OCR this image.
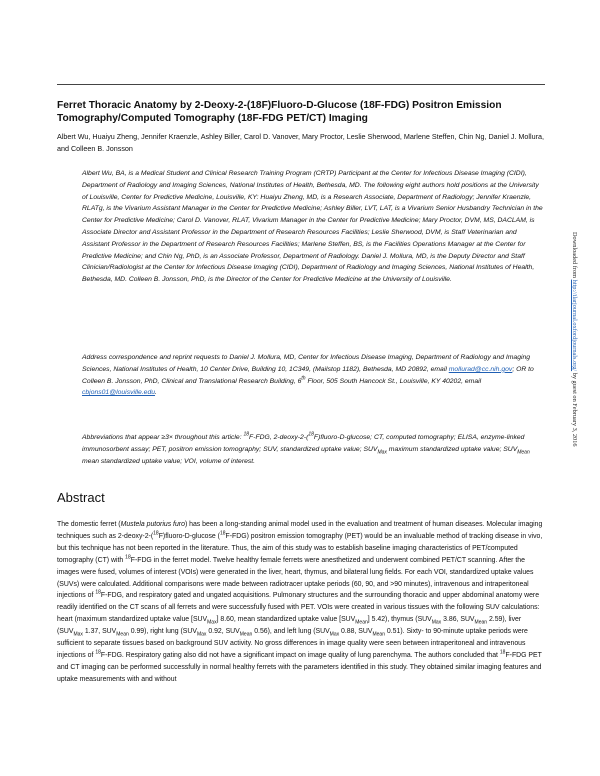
Ferret Thoracic Anatomy by 2-Deoxy-2-(18F)Fluoro-D-Glucose (18F-FDG) Positron Emission Tomography/Computed Tomography (18F-FDG PET/CT) Imaging
Albert Wu, Huaiyu Zheng, Jennifer Kraenzle, Ashley Biller, Carol D. Vanover, Mary Proctor, Leslie Sherwood, Marlene Steffen, Chin Ng, Daniel J. Mollura, and Colleen B. Jonsson
Albert Wu, BA, is a Medical Student and Clinical Research Training Program (CRTP) Participant at the Center for Infectious Disease Imaging (CIDI), Department of Radiology and Imaging Sciences, National Institutes of Health, Bethesda, MD. The following eight authors hold positions at the University of Louisville, Center for Predictive Medicine, Louisville, KY: Huaiyu Zheng, MD, is a Research Associate, Department of Radiology; Jennifer Kraenzle, RLATg, is the Vivarium Assistant Manager in the Center for Predictive Medicine; Ashley Biller, LVT, LAT, is a Vivarium Senior Husbandry Technician in the Center for Predictive Medicine; Carol D. Vanover, RLAT, Vivarium Manager in the Center for Predictive Medicine; Mary Proctor, DVM, MS, DACLAM, is Associate Director and Assistant Professor in the Department of Research Resources Facilities; Leslie Sherwood, DVM, is Staff Veterinarian and Assistant Professor in the Department of Research Resources Facilities; Marlene Steffen, BS, is the Facilities Operations Manager at the Center for Predictive Medicine; and Chin Ng, PhD, is an Associate Professor, Department of Radiology. Daniel J. Mollura, MD, is the Deputy Director and Staff Clinician/Radiologist at the Center for Infectious Disease Imaging (CIDI), Department of Radiology and Imaging Sciences, National Institutes of Health, Bethesda, MD. Colleen B. Jonsson, PhD, is the Director of the Center for Predictive Medicine at the University of Louisville.
Address correspondence and reprint requests to Daniel J. Mollura, MD, Center for Infectious Disease Imaging, Department of Radiology and Imaging Sciences, National Institutes of Health, 10 Center Drive, Building 10, 1C349, (Mailstop 1182), Bethesda, MD 20892, email mollurad@cc.nih.gov; OR to Colleen B. Jonsson, PhD, Clinical and Translational Research Building, 6th Floor, 505 South Hancock St., Louisville, KY 40202, email cbjons01@louisville.edu.
Abbreviations that appear ≥3× throughout this article: $^{18}$F-FDG, 2-deoxy-2-($^{18}$F)fluoro-D-glucose; CT, computed tomography; ELISA, enzyme-linked immunosorbent assay; PET, positron emission tomography; SUV, standardized uptake value; $SUV_{Max}$ maximum standardized uptake value; $SUV_{Mean}$ mean standardized uptake value; VOI, volume of interest.
Abstract
The domestic ferret (Mustela putorius furo) has been a long-standing animal model used in the evaluation and treatment of human diseases. Molecular imaging techniques such as 2-deoxy-2-($^{18}$F)fluoro-D-glucose ($^{18}$F-FDG) positron emission tomography (PET) would be an invaluable method of tracking disease in vivo, but this technique has not been reported in the literature. Thus, the aim of this study was to establish baseline imaging characteristics of PET/computed tomography (CT) with $^{18}$F-FDG in the ferret model. Twelve healthy female ferrets were anesthetized and underwent combined PET/CT scanning. After the images were fused, volumes of interest (VOIs) were generated in the liver, heart, thymus, and bilateral lung fields. For each VOI, standardized uptake values (SUVs) were calculated. Additional comparisons were made between radiotracer uptake periods (60, 90, and >90 minutes), intravenous and intraperitoneal injections of $^{18}$F-FDG, and respiratory gated and ungated acquisitions. Pulmonary structures and the surrounding thoracic and upper abdominal anatomy were readily identified on the CT scans of all ferrets and were successfully fused with PET. VOIs were created in various tissues with the following SUV calculations: heart (maximum standardized uptake value $[SUV_{Max}]$ 8.60, mean standardized uptake value $[SUV_{Mean}]$ 5.42), thymus ($SUV_{Max}$ 3.86, $SUV_{Mean}$ 2.59), liver ($SUV_{Max}$ 1.37, $SUV_{Mean}$ 0.99), right lung ($SUV_{Max}$ 0.92, $SUV_{Mean}$ 0.56), and left lung ($SUV_{Max}$ 0.88, $SUV_{Mean}$ 0.51). Sixty- to 90-minute uptake periods were sufficient to separate tissues based on background SUV activity. No gross differences in image quality were seen between intraperitoneal and intravenous injections of $^{18}$F-FDG. Respiratory gating also did not have a significant impact on image quality of lung parenchyma. The authors concluded that $^{18}$F-FDG PET and CT imaging can be performed successfully in normal healthy ferrets with the parameters identified in this study. They obtained similar imaging features and uptake measurements with and without
Downloaded from http://ilarjournal.oxfordjournals.org/ by guest on February 3, 2016
